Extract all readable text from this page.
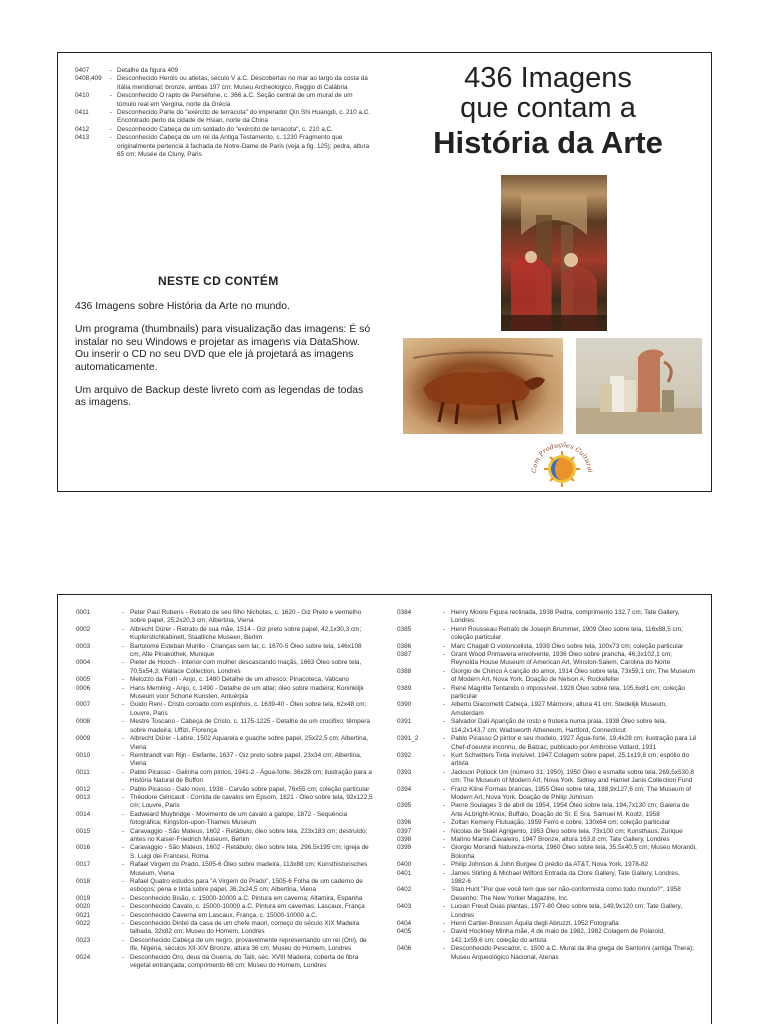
0407	- Detalhe da figura 409
0408,409	- Desconhecido Heróis ou atletas, século V a.C. Descobertas no mar ao largo da costa da Itália meridional; bronze, ambas 197 cm; Museu Archeologico, Reggio di Calábria
0410	- Desconhecido O rapto de Perséfone, c. 366 a.C. Seção central de um mural de um túmulo real em Vergina, norte da Grécia
0411	- Desconhecido Parte do "exército de terracota" do imperador Qin Shi Huangdi, c. 210 a.C. Encontrado perto da cidade de Hsian, norte da China
0412	- Desconhecido Cabeça de um soldado do "exército de terracota", c. 210 a.C.
0413	- Desconhecido Cabeça de um rei da Antiga Testamento, c. 1230 Fragmento que originalmente pertencia à fachada de Notre-Dame de Paris (veja a fig. 125); pedra, altura 65 cm; Musée de Cluny, Paris
436 Imagens
que contam a
História da Arte
Com Produções Culturai
NESTE CD CONTÉM

436 Imagens sobre História da Arte no mundo.

Um programa (thumbnails) para visualização das imagens: É só instalar no seu Windows e projetar as imagens via DataShow. Ou inserir o CD no seu DVD que ele já projetará as imagens automaticamente.

Um arquivo de Backup deste livreto com as legendas de todas as imagens.

0001	- Peter Paul Rubens - Retrato de seu filho Nicholas, c. 1620 - Giz Preto e vermelho sobre papel, 25,2x20,3 cm; Albertina, Viena
0002	- Albrecht Dürer - Retrato de sua mãe, 1514 - Giz preto sobre papel, 42,1x30,3 cm; Kupferstichkabinett, Staatliche Museen, Berlim
0003	- Bartolomé Esteban Murillo - Crianças sem lar, c. 1670-5 Óleo sobre tela, 146x108 cm; Alte Pinakothek, Munique
0004	- Pieter de Hooch - Interior com mulher descascando maçãs, 1663 Óleo sobre tela, 70,5x54,3; Wallace Collection, Londres
0005	- Melozzo da Forlì - Anjo, c. 1480 Detalhe de um afresco; Pinacoteca, Vaticano
0006	- Hans Memling - Anjo, c. 1490 - Detalhe de um altar; óleo sobre madeira; Koninklijk Museum voor Schone Kunsten, Antuérpia
0007	- Guido Reni - Cristo coroado com espinhos, c. 1639-40 - Óleo sobre tela, 62x48 cm; Louvre, Paris
0008	- Mestre Toscano - Cabeça de Cristo, c. 1175-1225 - Detalhe de um crucifixo; têmpera sobre madeira; Uffizi, Florença
0009	- Albrecht Dürer - Lebre, 1502 Aquarela e guache sobre papel, 25x22,5 cm; Albertina, Viena
0010	- Rembrandt van Rijn - Elefante, 1637 - Giz preto sobre papel, 23x34 cm; Albertina, Viena
0011	- Pablo Picasso - Galinha com pintos, 1941-2 - Água-forte, 36x28 cm; ilustração para a História Natural de Buffon
0012	- Pablo Picasso - Galo novo, 1938 - Carvão sobre papel, 76x55 cm; coleção particular
0013	- Théodore Géricault - Corrida de cavalos em Epsom, 1821 - Óleo sobre tela, 92x122,5 cm; Louvre, Paris
0014	- Eadweard Muybridge - Movimento de um cavalo a galope, 1872 - Sequência fotográfica; Kingston-upon-Thames Museum
0015	- Caravaggio - São Mateus, 1602 - Retábulo; óleo sobre tela, 223x183 cm; destruído; antes no Kaiser-Friedrich Museum, Berlim
0016	- Caravaggio - São Mateus, 1602 - Retábulo; óleo sobre tela, 296,5x195 cm; igreja de S. Luigi dei Francesi, Roma
0017	- Rafael Virgem do Prado, 1505-6 Óleo sobre madeira, 113x88 cm; Kunsthistorisches Museum, Viena
0018	- Rafael Quatro estudos para "A Virgem do Prado", 1505-6 Folha de um caderno de esboços; pena e tinta sobre papel, 36,2x24,5 cm; Albertina, Viena
0019	- Desconhecido Bisão, c. 15000-10000 a.C. Pintura em caverna; Altamira, Espanha
0020	- Desconhecido Cavalo, c. 15000-10000 a.C. Pintura em cavernas: Lascaux, França
0021	- Desconhecido Caverna em Lascaux, França, c. 15000-10000 a.C.
0022	- Desconhecido Dintel da casa de um chefe maori, começo do século XIX Madeira talhada, 32x82 cm; Museu do Homem, Londres
0023	- Desconhecido Cabeça de um negro, provavelmente representando um rei (Oni), de Ife, Nigéria, séculos XII-XIV Bronze, altura 36 cm; Museu do Homem, Londres
0024	- Desconhecido Oro, deus da Guerra, do Taiti, séc. XVIII Madeira, coberta de fibra vegetal entrançada; comprimento 66 cm; Museu do Homem, Londres
0384	- Henry Moore Figura reclinada, 1938 Pedra, comprimento 132,7 cm; Tate Gallery, Londres
0385	- Henri Rousseau Retrato de Joseph Brummer, 1909 Óleo sobre tela, 116x88,5 cm; coleção particular
0386	- Marc Chagall O violoncelista, 1939 Óleo sobre tela, 100x73 cm; coleção particular
0387	- Grant Wood Primavera envolvente, 1936 Óleo sobre prancha, 46,3x102,1 cm; Reynolda House Museum of American Art, Winston-Salem, Carolina do Norte
0388	- Giorgio de Chirico A canção do amor, 1914 Óleo sobre tela, 73x59,1 cm; The Museum of Modern Art, Nova York. Doação de Nelson A. Rockefeller
0389	- René Magritte Tentando o impossível, 1928 Óleo sobre tela, 105,6x81 cm; coleção particular
0390	- Alberto Giacometti Cabeça, 1927 Mármore, altura 41 cm; Stedelijk Museum, Amsterdam
0391	- Salvador Dalí Aparição de rosto e fruteira numa praia, 1938 Óleo sobre tela, 114,2x143,7 cm; Wadsworth Atheneum, Hartford, Connecticut
0391_2	- Pablo Picasso O pintor e seu modelo, 1927 Água-forte, 19,4x28 cm; ilustração para Lê Chef-d'oeuvre inconnu, de Balzac, publicado por Ambroise Vollard, 1931
0392	- Kurt Schwitters Tinta invisível, 1947 Colagem sobre papel, 25,1x19,8 cm; espólio do artista
0393	- Jackson Pollock Um (número 31, 1950), 1950 Óleo e esmalte sobre tela, 269,5x530,8 cm; The Museum of Modern Art, Nova York. Sidney and Harriet Janis Collection Fund
0394	- Franz Kline Formas brancas, 1955 Óleo sobre tela, 188,9x127,6 cm; The Museum of Modern Art, Nova York. Doação de Philip Johnson
0395	- Pierre Soulages 3 de abril de 1954, 1954 Óleo sobre tela, 194,7x130 cm; Galeria de Arte ALbright-Knox, Buffalo, Doação do Sr. E Sra. Samuel M. Kootz, 1958
0396	- Zoltan Kemeny Flutuação, 1959 Ferro e cobre, 130x64 cm; coleção particular
0397	- Nicolas de Staël Agrigento, 1953 Óleo sobre tela, 73x100 cm; Kunsthaus, Zurique
0398	- Marino Marini Cavaleiro, 1947 Bronze, altura 163,8 cm; Tate Gallery, Londres
0399	- Giorgio Morandi Natureza-morta, 1960 Óleo sobre tela, 35,5x40,5 cm; Museo Morandi, Bolonha
0400	- Philip Johnson & John Burgee O prédio da AT&T, Nova York, 1978-82
0401	- James Stirling & Michael Wilford Entrada da Clore Gallery, Tate Gallery, Londres, 1982-6
0402	- Stan Hunt "Por que você tem que ser não-conformista como todo mundo?", 1958 Desenho: The New Yorker Magazine, Inc.
0403	- Lucian Freud Duas plantas, 1977-80 Óleo sobre tela, 149,9x120 cm; Tate Gallery, Londres
0404	- Henri Cartier-Bresson Áquila degli Abruzzi, 1952 Fotografia
0405	- David Hockney Minha mãe, 4 de maio de 1982, 1982 Colagem de Polaroid, 142,1x59,6 cm; coleção do artista
0406	- Desconhecido Pescador, c. 1500 a.C. Mural da ilha grega de Santorini (antiga Thera); Museu Arqueológico Nacional, Atenas
